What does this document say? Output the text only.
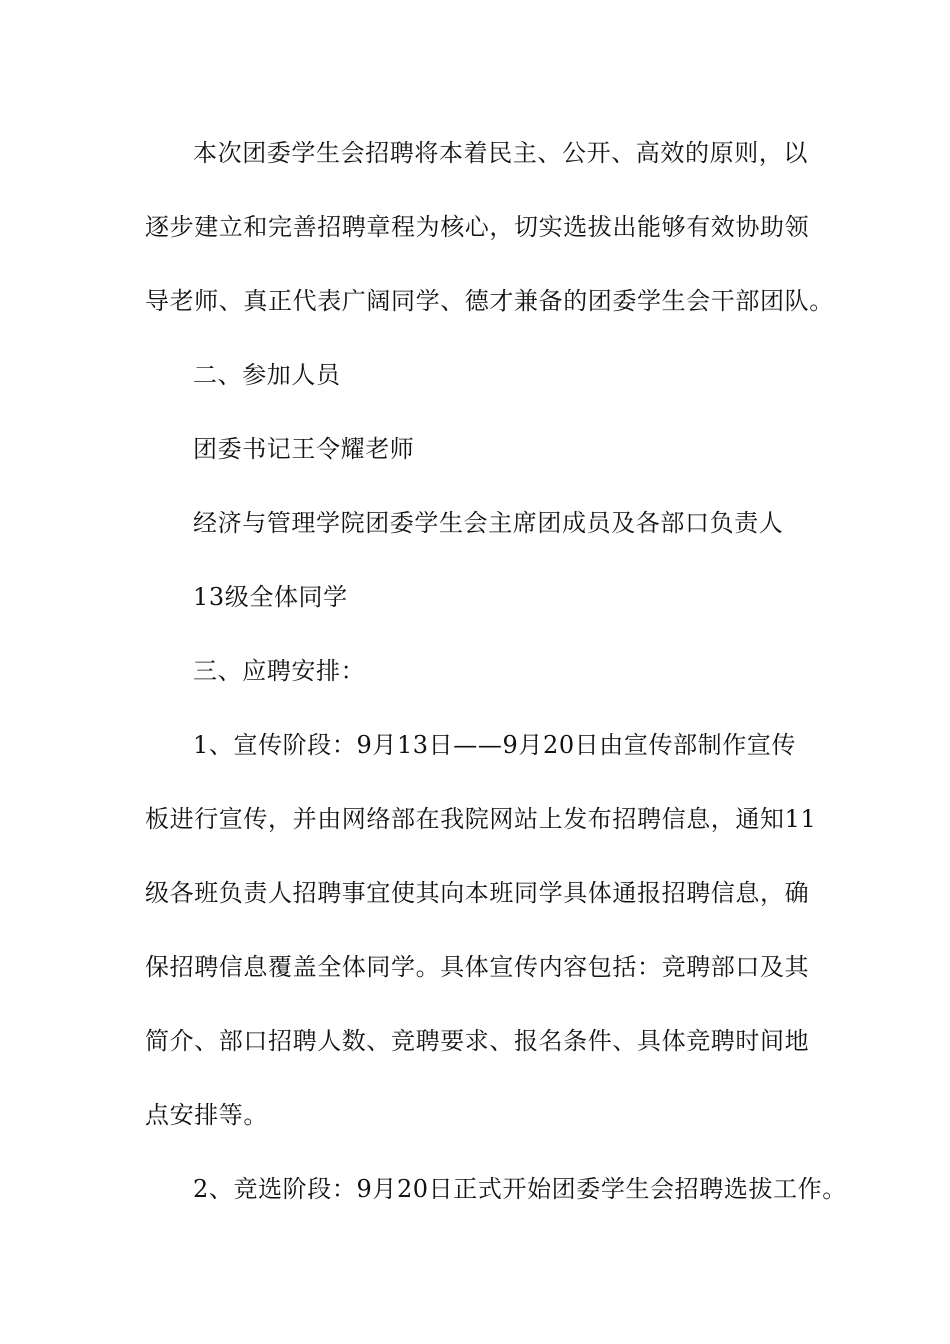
本次团委学生会招聘将本着民主、公开、高效的原则，以
逐步建立和完善招聘章程为核心，切实选拔出能够有效协助领
导老师、真正代表广阔同学、德才兼备的团委学生会干部团队。
二、参加人员
团委书记王令耀老师
经济与管理学院团委学生会主席团成员及各部口负责人
13级全体同学
三、应聘安排：
1、宣传阶段：9月13日——9月20日由宣传部制作宣传
板进行宣传，并由网络部在我院网站上发布招聘信息，通知11
级各班负责人招聘事宜使其向本班同学具体通报招聘信息，确
保招聘信息覆盖全体同学。具体宣传内容包括：竞聘部口及其
简介、部口招聘人数、竞聘要求、报名条件、具体竞聘时间地
点安排等。
2、竞选阶段：9月20日正式开始团委学生会招聘选拔工作。
